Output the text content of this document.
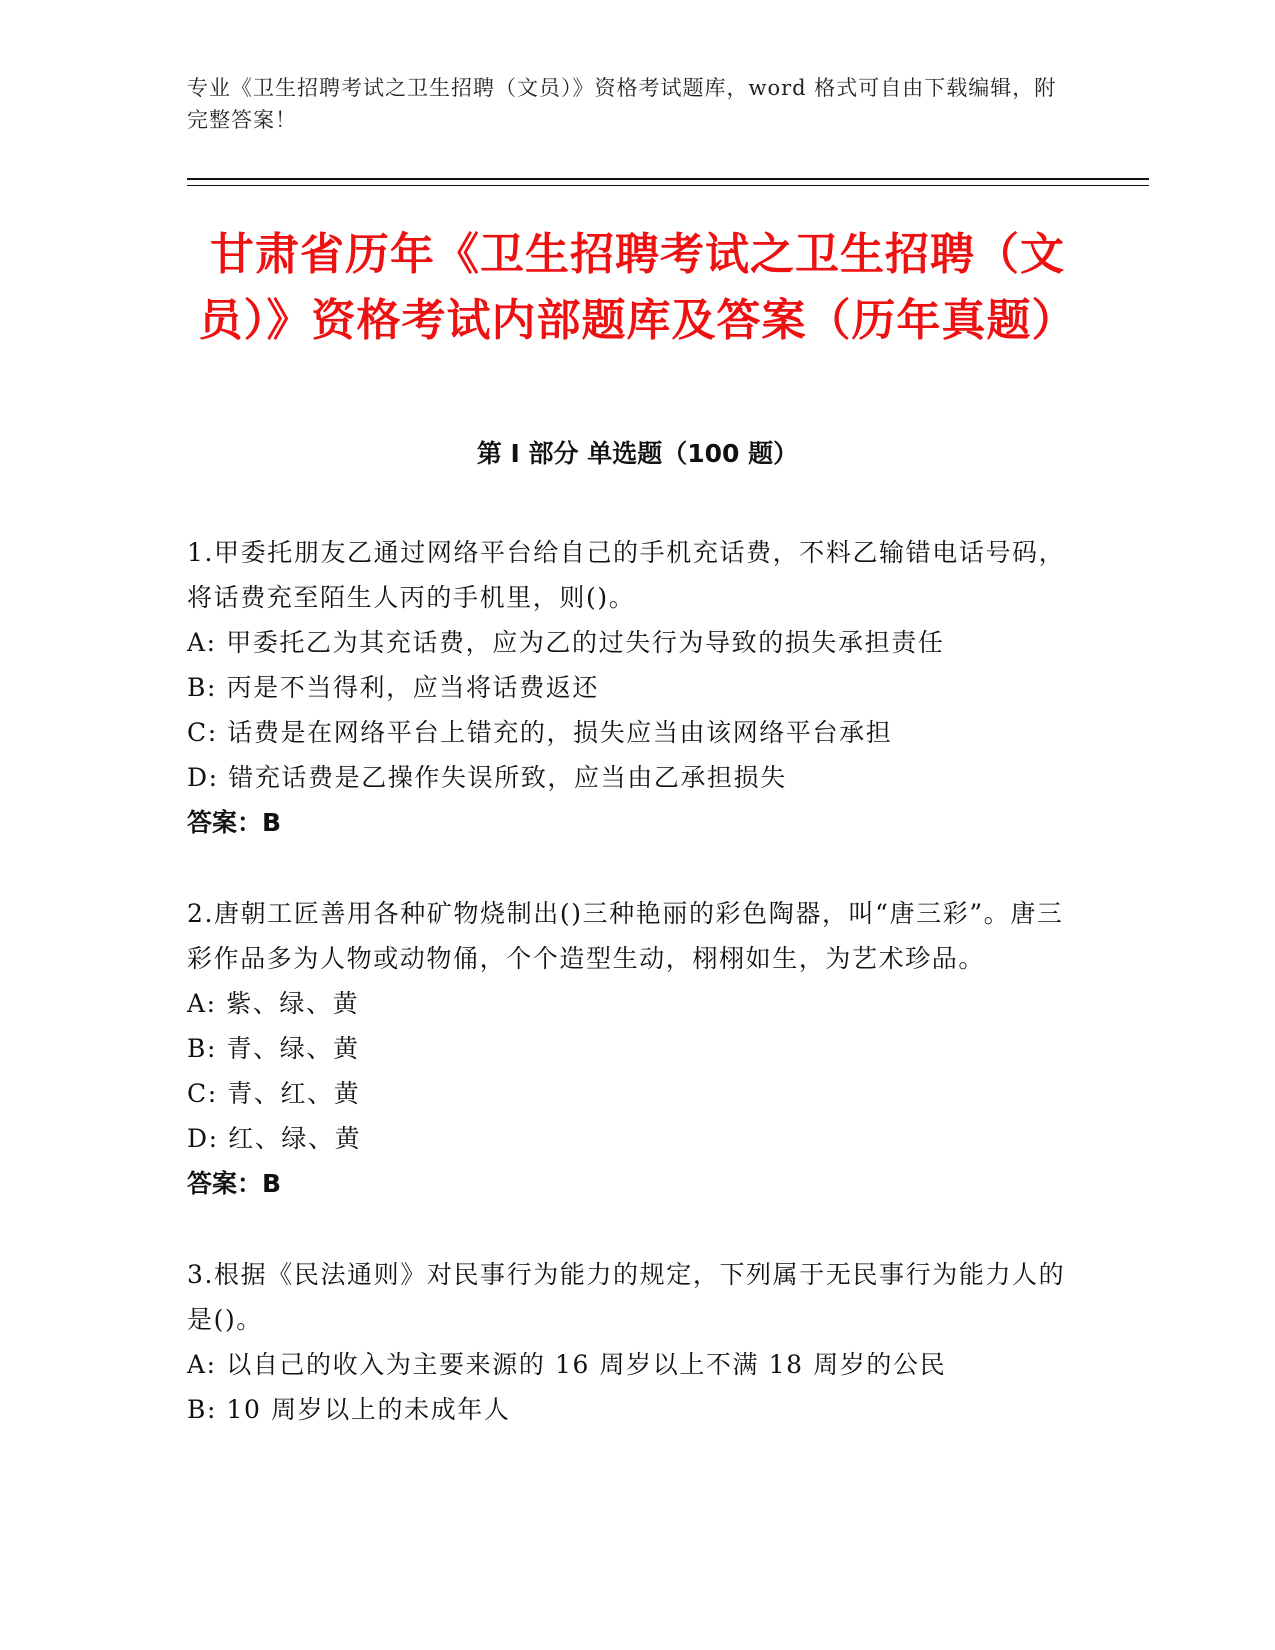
专业《卫生招聘考试之卫生招聘（文员）》资格考试题库，word 格式可自由下载编辑，附完整答案！
甘肃省历年《卫生招聘考试之卫生招聘（文员）》资格考试内部题库及答案（历年真题）
第 I 部分 单选题（100 题）

1.甲委托朋友乙通过网络平台给自己的手机充话费，不料乙输错电话号码，将话费充至陌生人丙的手机里，则()。

A: 甲委托乙为其充话费，应为乙的过失行为导致的损失承担责任

B: 丙是不当得利，应当将话费返还

C: 话费是在网络平台上错充的，损失应当由该网络平台承担

D: 错充话费是乙操作失误所致，应当由乙承担损失

答案：B

2.唐朝工匠善用各种矿物烧制出()三种艳丽的彩色陶器，叫“唐三彩”。唐三彩作品多为人物或动物俑，个个造型生动，栩栩如生，为艺术珍品。

A: 紫、绿、黄

B: 青、绿、黄

C: 青、红、黄

D: 红、绿、黄

答案：B

3.根据《民法通则》对民事行为能力的规定，下列属于无民事行为能力人的是()。

A: 以自己的收入为主要来源的 16 周岁以上不满 18 周岁的公民

B: 10 周岁以上的未成年人
